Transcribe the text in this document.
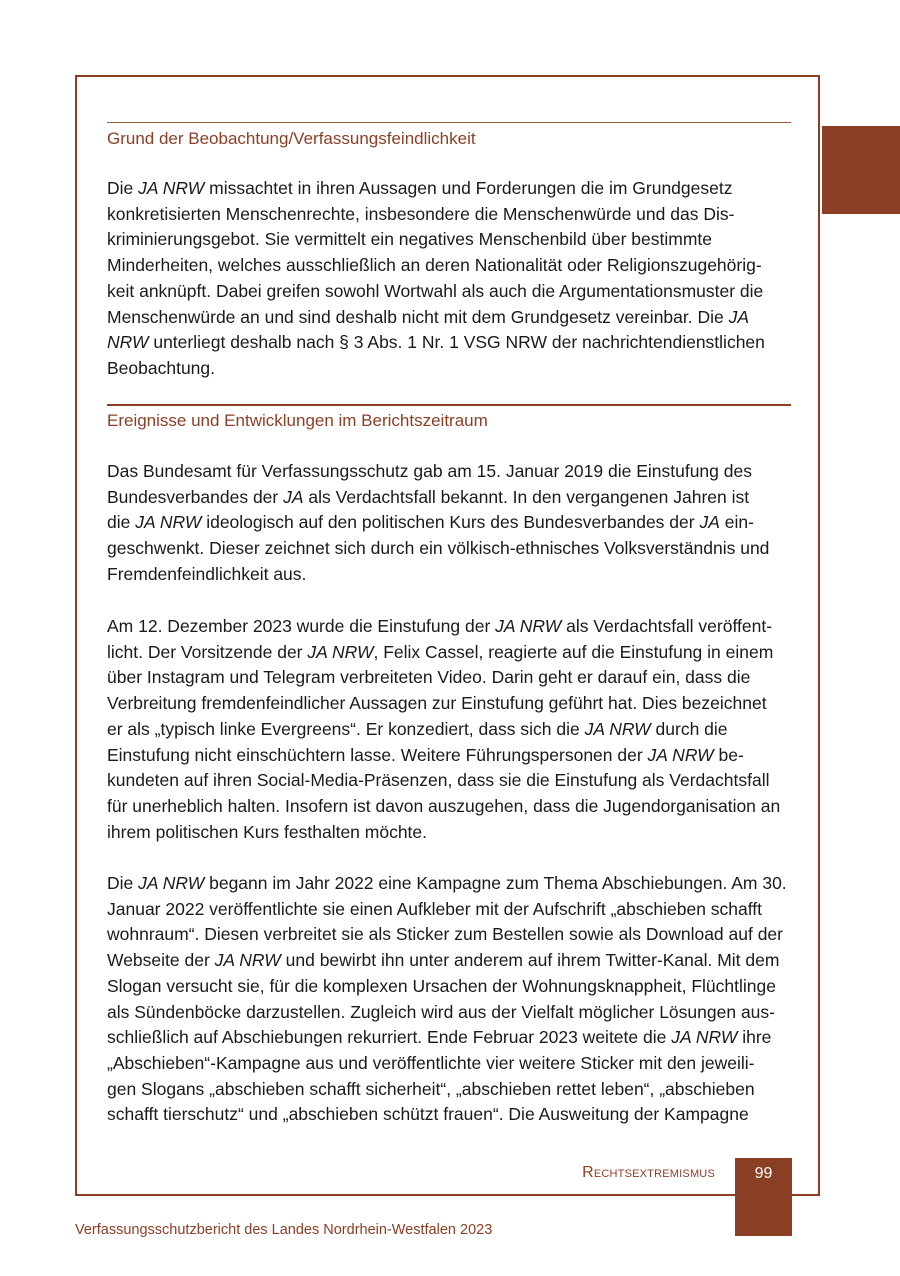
Grund der Beobachtung/Verfassungsfeindlichkeit
Die JA NRW missachtet in ihren Aussagen und Forderungen die im Grundgesetz
konkretisierten Menschenrechte, insbesondere die Menschenwürde und das Dis-
kriminierungsgebot. Sie vermittelt ein negatives Menschenbild über bestimmte
Minderheiten, welches ausschließlich an deren Nationalität oder Religionszugehörig-
keit anknüpft. Dabei greifen sowohl Wortwahl als auch die Argumentationsmuster die
Menschenwürde an und sind deshalb nicht mit dem Grundgesetz vereinbar. Die JA
NRW unterliegt deshalb nach § 3 Abs. 1 Nr. 1 VSG NRW der nachrichtendienstlichen
Beobachtung.
Ereignisse und Entwicklungen im Berichtszeitraum
Das Bundesamt für Verfassungsschutz gab am 15. Januar 2019 die Einstufung des
Bundesverbandes der JA als Verdachtsfall bekannt. In den vergangenen Jahren ist
die JA NRW ideologisch auf den politischen Kurs des Bundesverbandes der JA ein-
geschwenkt. Dieser zeichnet sich durch ein völkisch-ethnisches Volksverständnis und
Fremdenfeindlichkeit aus.
Am 12. Dezember 2023 wurde die Einstufung der JA NRW als Verdachtsfall veröffent-
licht. Der Vorsitzende der JA NRW, Felix Cassel, reagierte auf die Einstufung in einem
über Instagram und Telegram verbreiteten Video. Darin geht er darauf ein, dass die
Verbreitung fremdenfeindlicher Aussagen zur Einstufung geführt hat. Dies bezeichnet
er als „typisch linke Evergreens“. Er konzediert, dass sich die JA NRW durch die
Einstufung nicht einschüchtern lasse. Weitere Führungspersonen der JA NRW be-
kundeten auf ihren Social-Media-Präsenzen, dass sie die Einstufung als Verdachtsfall
für unerheblich halten. Insofern ist davon auszugehen, dass die Jugendorganisation an
ihrem politischen Kurs festhalten möchte.
Die JA NRW begann im Jahr 2022 eine Kampagne zum Thema Abschiebungen. Am 30.
Januar 2022 veröffentlichte sie einen Aufkleber mit der Aufschrift „abschieben schafft
wohnraum“. Diesen verbreitet sie als Sticker zum Bestellen sowie als Download auf der
Webseite der JA NRW und bewirbt ihn unter anderem auf ihrem Twitter-Kanal. Mit dem
Slogan versucht sie, für die komplexen Ursachen der Wohnungsknappheit, Flüchtlinge
als Sündenböcke darzustellen. Zugleich wird aus der Vielfalt möglicher Lösungen aus-
schließlich auf Abschiebungen rekurriert. Ende Februar 2023 weitete die JA NRW ihre
„Abschieben“-Kampagne aus und veröffentlichte vier weitere Sticker mit den jeweili-
gen Slogans „abschieben schafft sicherheit“, „abschieben rettet leben“, „abschieben
schafft tierschutz“ und „abschieben schützt frauen“. Die Ausweitung der Kampagne
Rechtsextremismus	99
Verfassungsschutzbericht des Landes Nordrhein-Westfalen 2023
